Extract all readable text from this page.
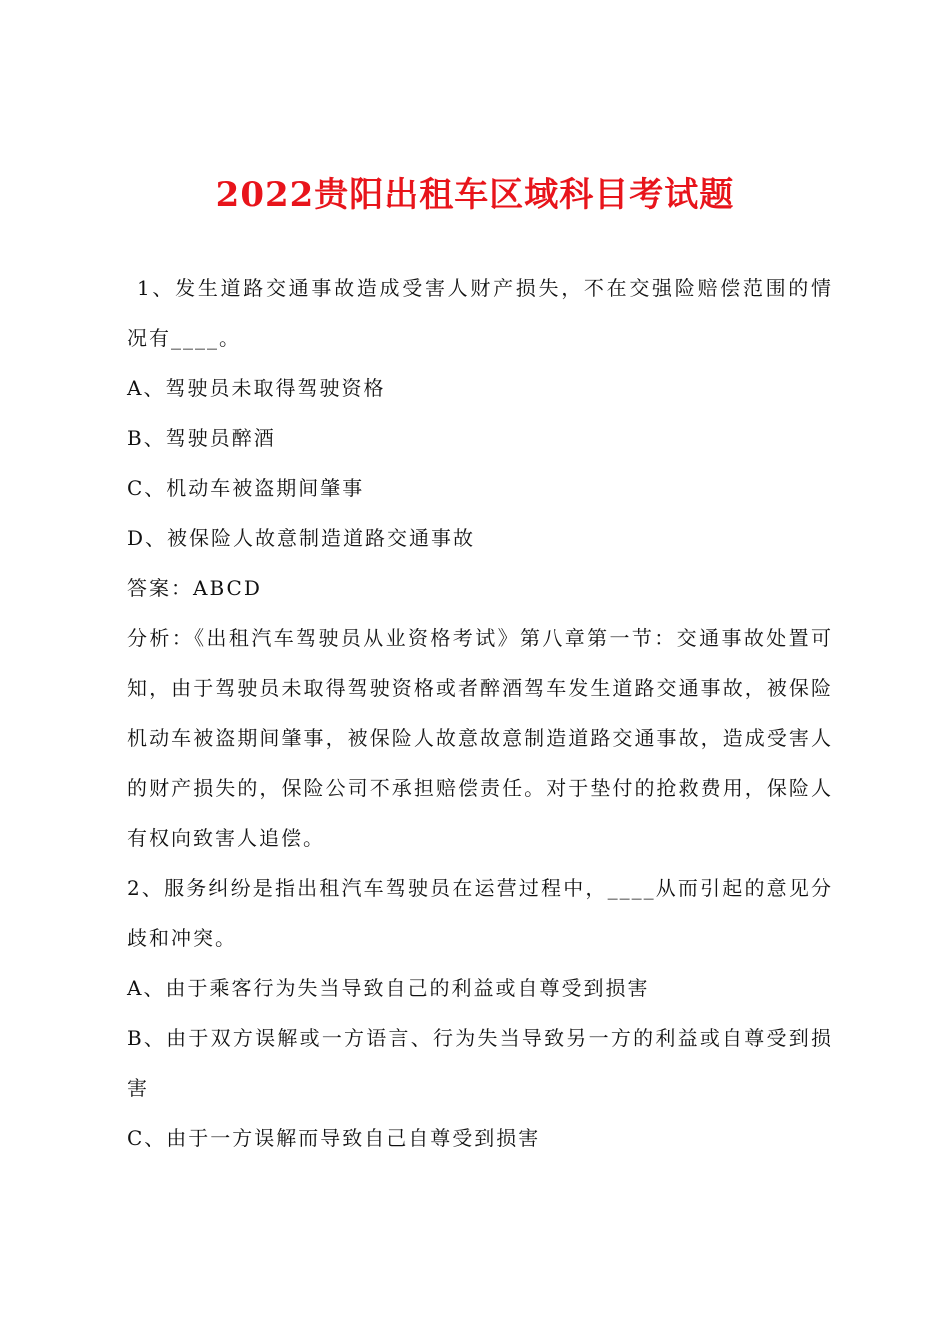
2022贵阳出租车区域科目考试题

1、发生道路交通事故造成受害人财产损失，不在交强险赔偿范围的情况有____。

A、驾驶员未取得驾驶资格

B、驾驶员醉酒

C、机动车被盗期间肇事

D、被保险人故意制造道路交通事故

答案：ABCD

分析：《出租汽车驾驶员从业资格考试》第八章第一节：交通事故处置可知，由于驾驶员未取得驾驶资格或者醉酒驾车发生道路交通事故，被保险机动车被盗期间肇事，被保险人故意故意制造道路交通事故，造成受害人的财产损失的，保险公司不承担赔偿责任。对于垫付的抢救费用，保险人有权向致害人追偿。

2、服务纠纷是指出租汽车驾驶员在运营过程中，____从而引起的意见分歧和冲突。

A、由于乘客行为失当导致自己的利益或自尊受到损害

B、由于双方误解或一方语言、行为失当导致另一方的利益或自尊受到损害

C、由于一方误解而导致自己自尊受到损害
